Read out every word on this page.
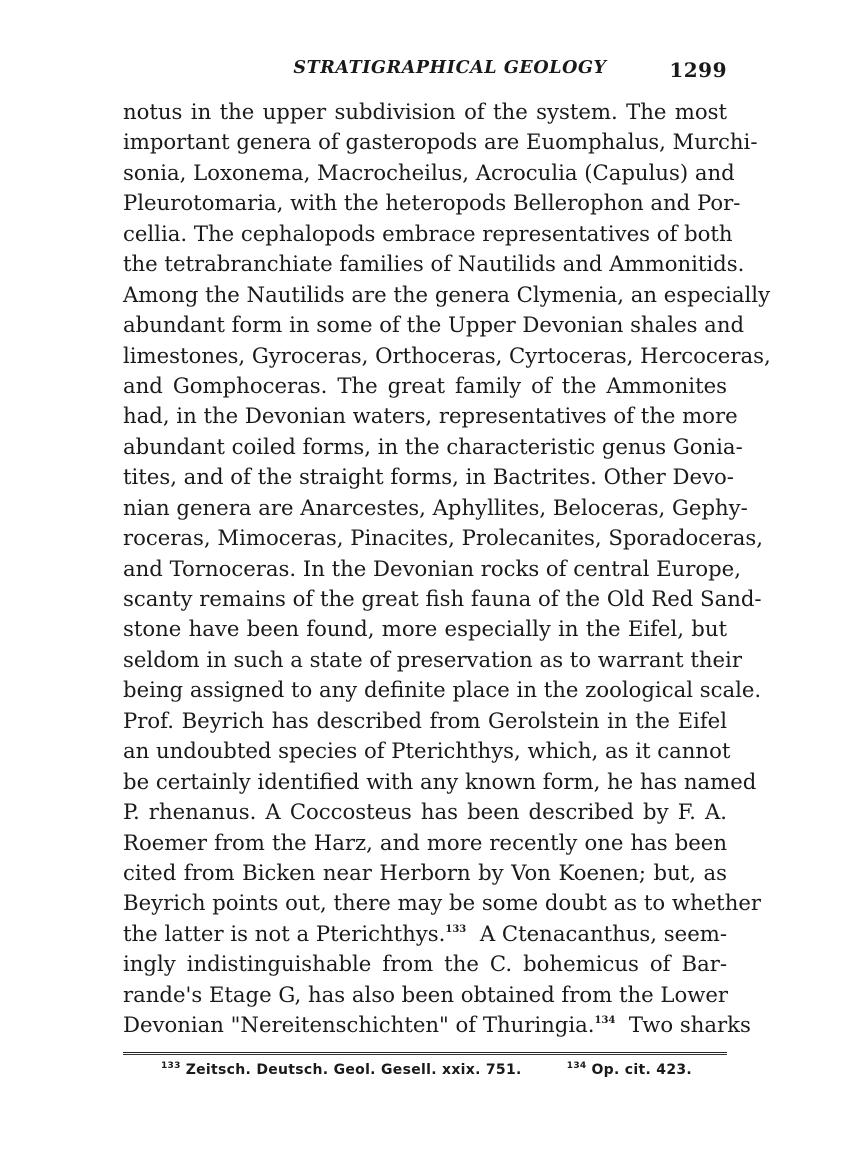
STRATIGRAPHICAL GEOLOGY	1299
notus in the upper subdivision of the system. The most
important genera of gasteropods are Euomphalus, Murchi-
sonia, Loxonema, Macrocheilus, Acroculia (Capulus) and
Pleurotomaria, with the heteropods Bellerophon and Por-
cellia. The cephalopods embrace representatives of both
the tetrabranchiate families of Nautilids and Ammonitids.
Among the Nautilids are the genera Clymenia, an especially
abundant form in some of the Upper Devonian shales and
limestones, Gyroceras, Orthoceras, Cyrtoceras, Hercoceras,
and Gomphoceras. The great family of the Ammonites
had, in the Devonian waters, representatives of the more
abundant coiled forms, in the characteristic genus Gonia-
tites, and of the straight forms, in Bactrites. Other Devo-
nian genera are Anarcestes, Aphyllites, Beloceras, Gephy-
roceras, Mimoceras, Pinacites, Prolecanites, Sporadoceras,
and Tornoceras. In the Devonian rocks of central Europe,
scanty remains of the great fish fauna of the Old Red Sand-
stone have been found, more especially in the Eifel, but
seldom in such a state of preservation as to warrant their
being assigned to any definite place in the zoological scale.
Prof. Beyrich has described from Gerolstein in the Eifel
an undoubted species of Pterichthys, which, as it cannot
be certainly identified with any known form, he has named
P. rhenanus. A Coccosteus has been described by F. A.
Roemer from the Harz, and more recently one has been
cited from Bicken near Herborn by Von Koenen; but, as
Beyrich points out, there may be some doubt as to whether
the latter is not a Pterichthys.$^{133}$  A Ctenacanthus, seem-
ingly indistinguishable from the C. bohemicus of Bar-
rande's Etage G, has also been obtained from the Lower
Devonian "Nereitenschichten" of Thuringia.$^{134}$  Two sharks
$^{133}$ Zeitsch. Deutsch. Geol. Gesell. xxix. 751.	$^{134}$ Op. cit. 423.
